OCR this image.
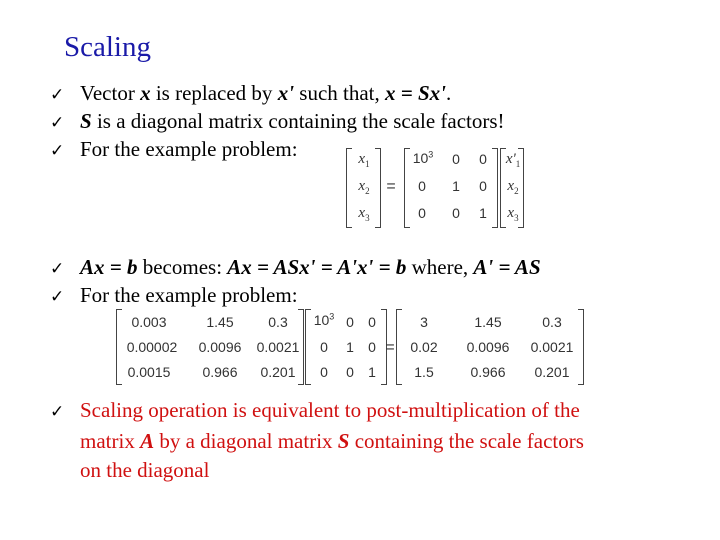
Scaling
✓ Vector x is replaced by x' such that, x = Sx'.
✓ S is a diagonal matrix containing the scale factors!
✓ For the example problem:	$x_1$
$x_2$
$x_3$
=
$10^3$	0	0
0	1	0
0	0	1
$x'_1$
$x_2$
$x_3$
✓ Ax = b becomes: Ax = ASx' = A'x' = b where, A' = AS
✓ For the example problem:
0.003	1.45	0.3
0.00002	0.0096	0.0021
0.0015	0.966	0.201
$10^3$ 0	0
0	1	0
0	0	1
=
3	1.45	0.3
0.02	0.0096	0.0021
1.5	0.966	0.201
✓ Scaling operation is equivalent to post-multiplication of the
matrix A by a diagonal matrix S containing the scale factors
on the diagonal
